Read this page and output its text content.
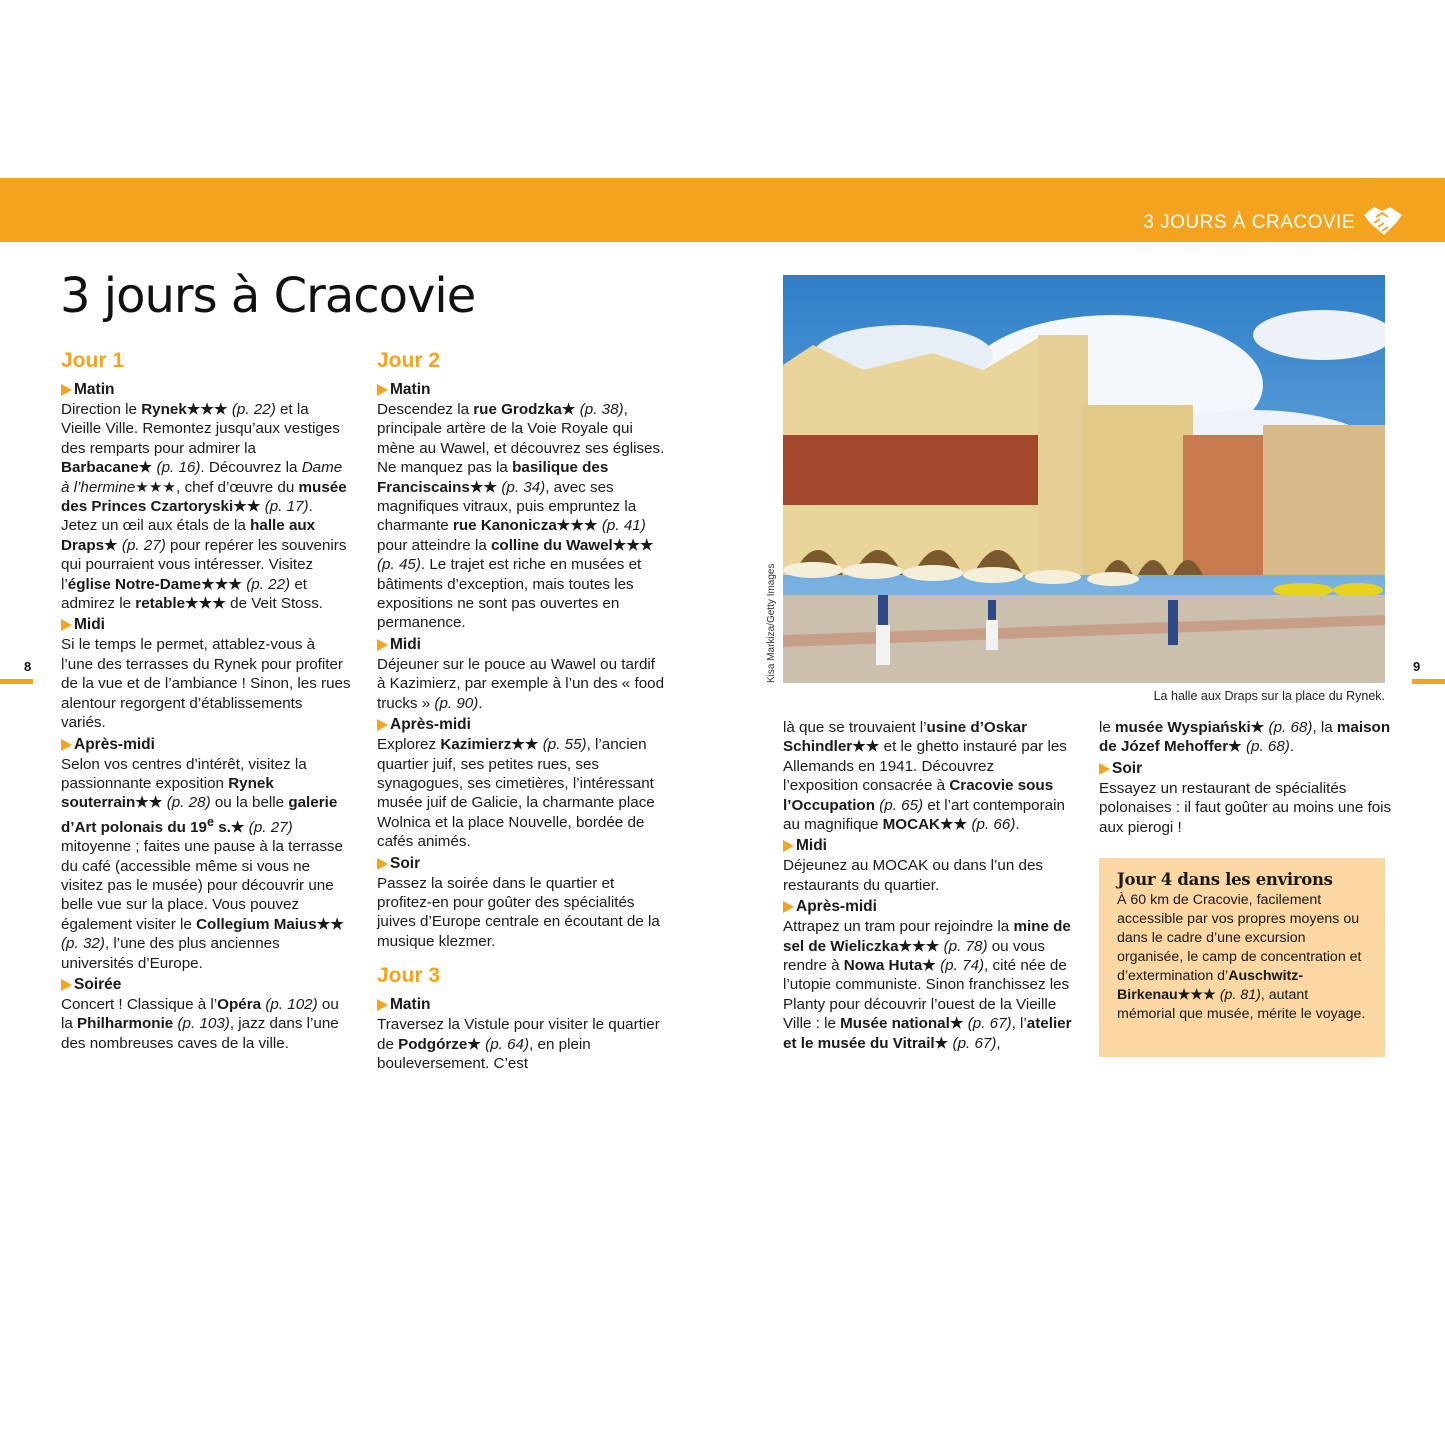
3 JOURS À CRACOVIE
3 jours à Cracovie
8	9
Jour 1
Matin
Direction le Rynek★★★ (p. 22) et la Vieille Ville. Remontez jusqu’aux vestiges des remparts pour admirer la Barbacane★ (p. 16). Découvrez la Dame à l’hermine★★★, chef d’œuvre du musée des Princes Czartoryski★★ (p. 17). Jetez un œil aux étals de la halle aux Draps★ (p. 27) pour repérer les souvenirs qui pourraient vous intéresser. Visitez l’église Notre-Dame★★★ (p. 22) et admirez le retable★★★ de Veit Stoss.
Midi
Si le temps le permet, attablez-vous à l’une des terrasses du Rynek pour profiter de la vue et de l’ambiance ! Sinon, les rues alentour regorgent d’établissements variés.
Après-midi
Selon vos centres d’intérêt, visitez la passionnante exposition Rynek souterrain★★ (p. 28) ou la belle galerie d’Art polonais du 19e s.★ (p. 27) mitoyenne ; faites une pause à la terrasse du café (accessible même si vous ne visitez pas le musée) pour découvrir une belle vue sur la place. Vous pouvez également visiter le Collegium Maius★★ (p. 32), l’une des plus anciennes universités d’Europe.
Soirée
Concert ! Classique à l’Opéra (p. 102) ou la Philharmonie (p. 103), jazz dans l’une des nombreuses caves de la ville.
Jour 2
Matin
Descendez la rue Grodzka★ (p. 38), principale artère de la Voie Royale qui mène au Wawel, et découvrez ses églises. Ne manquez pas la basilique des Franciscains★★ (p. 34), avec ses magnifiques vitraux, puis empruntez la charmante rue Kanonicza★★★ (p. 41) pour atteindre la colline du Wawel★★★ (p. 45). Le trajet est riche en musées et bâtiments d’exception, mais toutes les expositions ne sont pas ouvertes en permanence.
Midi
Déjeuner sur le pouce au Wawel ou tardif à Kazimierz, par exemple à l’un des « food trucks » (p. 90).
Après-midi
Explorez Kazimierz★★ (p. 55), l’ancien quartier juif, ses petites rues, ses synagogues, ses cimetières, l’intéressant musée juif de Galicie, la charmante place Wolnica et la place Nouvelle, bordée de cafés animés.
Soir
Passez la soirée dans le quartier et profitez-en pour goûter des spécialités juives d’Europe centrale en écoutant de la musique klezmer.
Jour 3
Matin
Traversez la Vistule pour visiter le quartier de Podgórze★ (p. 64), en plein bouleversement. C’est
Kisa Markiza/Getty Images
La halle aux Draps sur la place du Rynek.
là que se trouvaient l’usine d’Oskar Schindler★★ et le ghetto instauré par les Allemands en 1941. Découvrez l’exposition consacrée à Cracovie sous l’Occupation (p. 65) et l’art contemporain au magnifique MOCAK★★ (p. 66).
Midi
Déjeunez au MOCAK ou dans l’un des restaurants du quartier.
Après-midi
Attrapez un tram pour rejoindre la mine de sel de Wieliczka★★★ (p. 78) ou vous rendre à Nowa Huta★ (p. 74), cité née de l’utopie communiste. Sinon franchissez les Planty pour découvrir l’ouest de la Vieille Ville : le Musée national★ (p. 67), l’atelier et le musée du Vitrail★ (p. 67),
le musée Wyspiański★ (p. 68), la maison de Józef Mehoffer★ (p. 68).
Soir
Essayez un restaurant de spécialités polonaises : il faut goûter au moins une fois aux pierogi !
Jour 4 dans les environs
À 60 km de Cracovie, facilement accessible par vos propres moyens ou dans le cadre d’une excursion organisée, le camp de concentration et d’extermination d’Auschwitz-Birkenau★★★ (p. 81), autant mémorial que musée, mérite le voyage.
